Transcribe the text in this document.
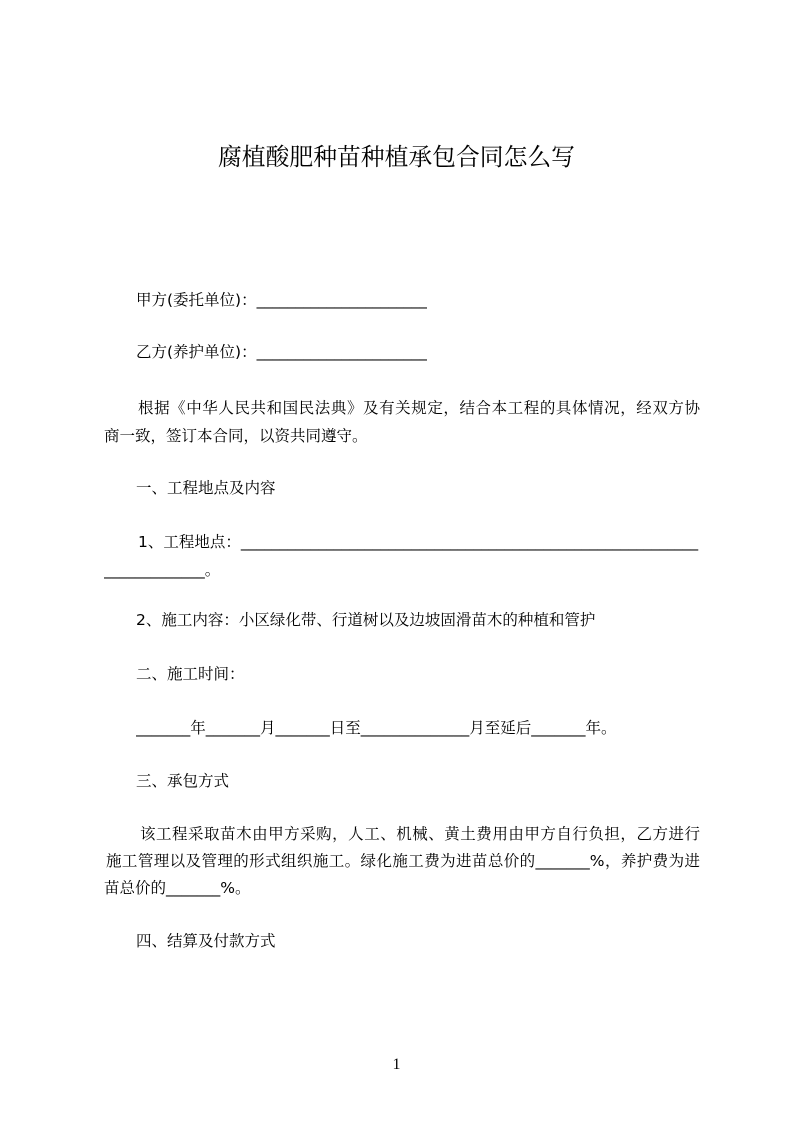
腐植酸肥种苗种植承包合同怎么写
甲方(委托单位)：______________________
乙方(养护单位)：______________________
根据《中华人民共和国民法典》及有关规定，结合本工程的具体情况，经双方协
商一致，签订本合同，以资共同遵守。
一、工程地点及内容
1、工程地点：___________________________________________________________
_____________。
2、施工内容：小区绿化带、行道树以及边坡固滑苗木的种植和管护
二、施工时间：
_______年_______月_______日至______________月至延后_______年。
三、承包方式
该工程采取苗木由甲方采购，人工、机械、黄土费用由甲方自行负担，乙方进行
施工管理以及管理的形式组织施工。绿化施工费为进苗总价的_______%，养护费为进
苗总价的_______%。
四、结算及付款方式
1
